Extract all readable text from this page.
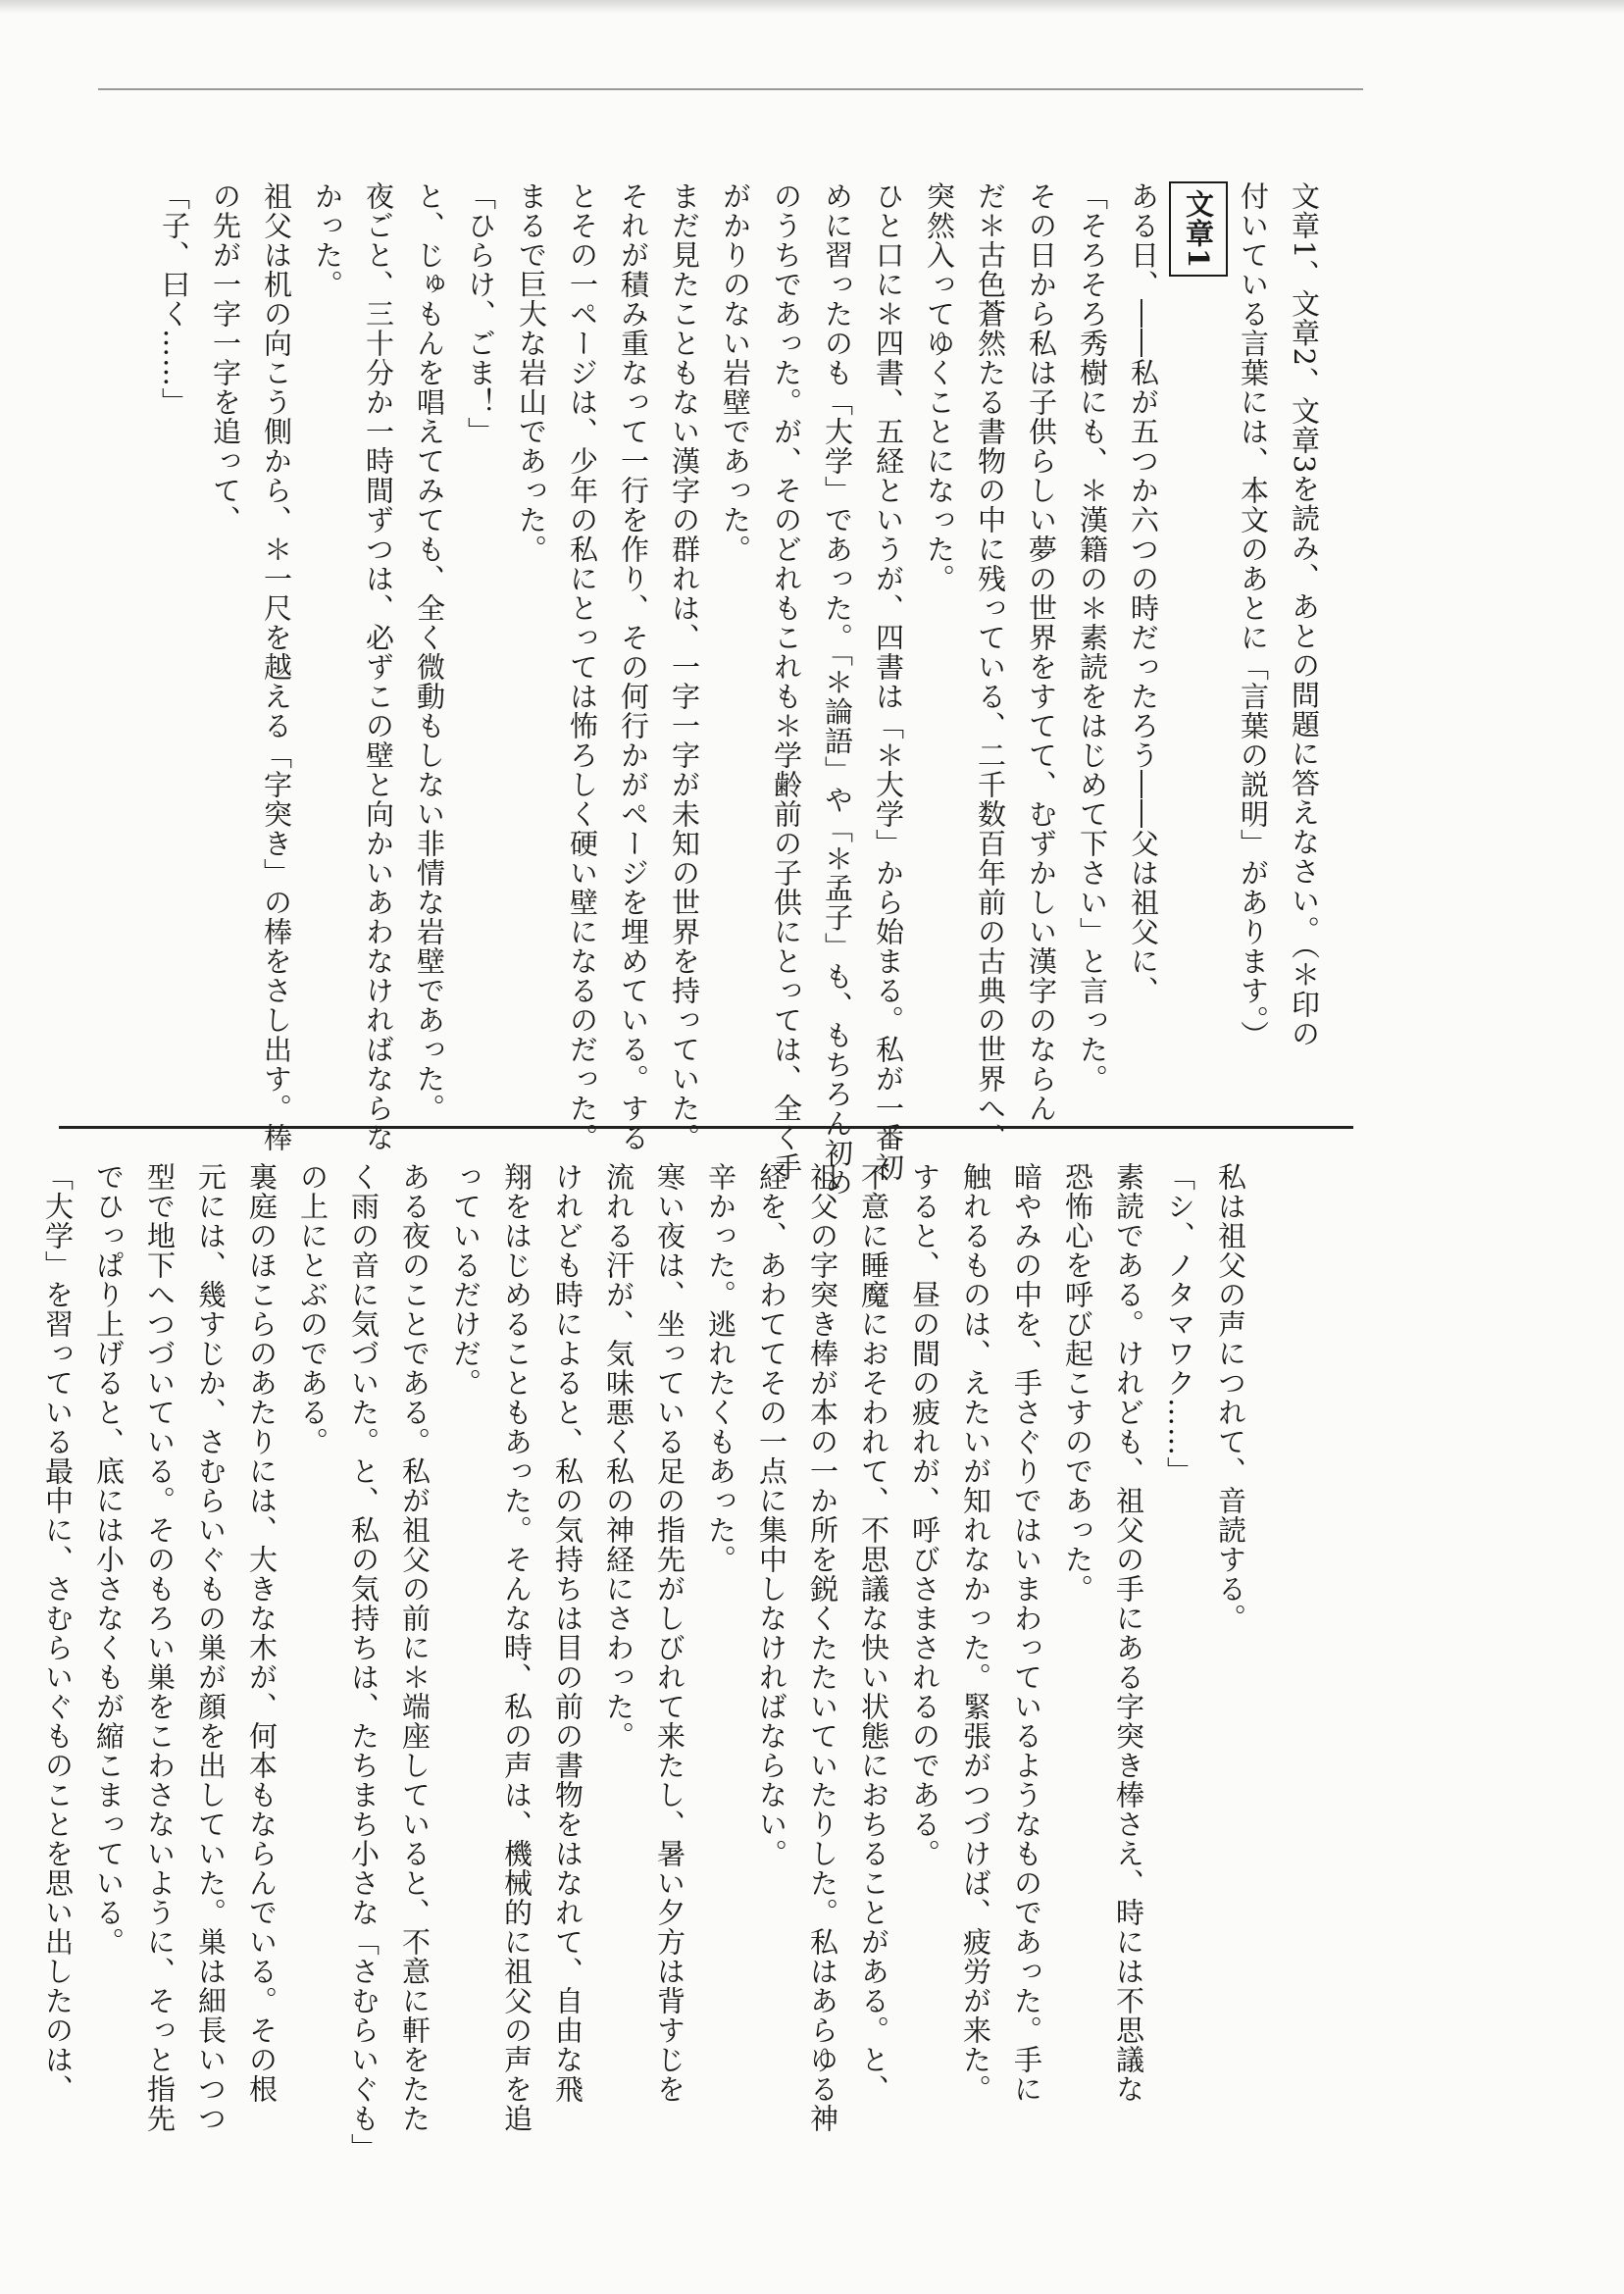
文章1、文章2、文章3を読み、あとの問題に答えなさい。（＊印の
付いている言葉には、本文のあとに「言葉の説明」があります。）

文章1

ある日、――私が五つか六つの時だったろう――父は祖父に、

「そろそろ秀樹にも、＊漢籍の＊素読をはじめて下さい」と言った。

その日から私は子供らしい夢の世界をすてて、むずかしい漢字のならん
だ＊古色蒼然たる書物の中に残っている、二千数百年前の古典の世界へ、
突然入ってゆくことになった。

ひと口に＊四書、五経というが、四書は「＊大学」から始まる。私が一番初
めに習ったのも「大学」であった。「＊論語」や「＊孟子」も、もちろん初め
のうちであった。が、そのどれもこれも＊学齢前の子供にとっては、全く手
がかりのない岩壁であった。

まだ見たこともない漢字の群れは、一字一字が未知の世界を持っていた。
それが積み重なって一行を作り、その何行かがページを埋めている。する
とその一ページは、少年の私にとっては怖ろしく硬い壁になるのだった。
まるで巨大な岩山であった。

「ひらけ、ごま！」

と、じゅもんを唱えてみても、全く微動もしない非情な岩壁であった。

夜ごと、三十分か一時間ずつは、必ずこの壁と向かいあわなければならな
かった。

祖父は机の向こう側から、＊一尺を越える「字突き」の棒をさし出す。棒
の先が一字一字を追って、

「子、曰く……」

私は祖父の声につれて、音読する。

「シ、ノタマワク……」

素読である。けれども、祖父の手にある字突き棒さえ、時には不思議な
恐怖心を呼び起こすのであった。

暗やみの中を、手さぐりではいまわっているようなものであった。手に
触れるものは、えたいが知れなかった。緊張がつづけば、疲労が来た。
すると、昼の間の疲れが、呼びさまされるのである。

不意に睡魔におそわれて、不思議な快い状態におちることがある。と、
祖父の字突き棒が本の一か所を鋭くたたいていたりした。私はあらゆる神
経を、あわててその一点に集中しなければならない。

辛かった。逃れたくもあった。

寒い夜は、坐っている足の指先がしびれて来たし、暑い夕方は背すじを
流れる汗が、気味悪く私の神経にさわった。

けれども時によると、私の気持ちは目の前の書物をはなれて、自由な飛
翔をはじめることもあった。そんな時、私の声は、機械的に祖父の声を追
っているだけだ。

ある夜のことである。私が祖父の前に＊端座していると、不意に軒をたた
く雨の音に気づいた。と、私の気持ちは、たちまち小さな「さむらいぐも」
の上にとぶのである。

裏庭のほこらのあたりには、大きな木が、何本もならんでいる。その根
元には、幾すじか、さむらいぐもの巣が顔を出していた。巣は細長いつつ
型で地下へつづいている。そのもろい巣をこわさないように、そっと指先
でひっぱり上げると、底には小さなくもが縮こまっている。

「大学」を習っている最中に、さむらいぐものことを思い出したのは、
